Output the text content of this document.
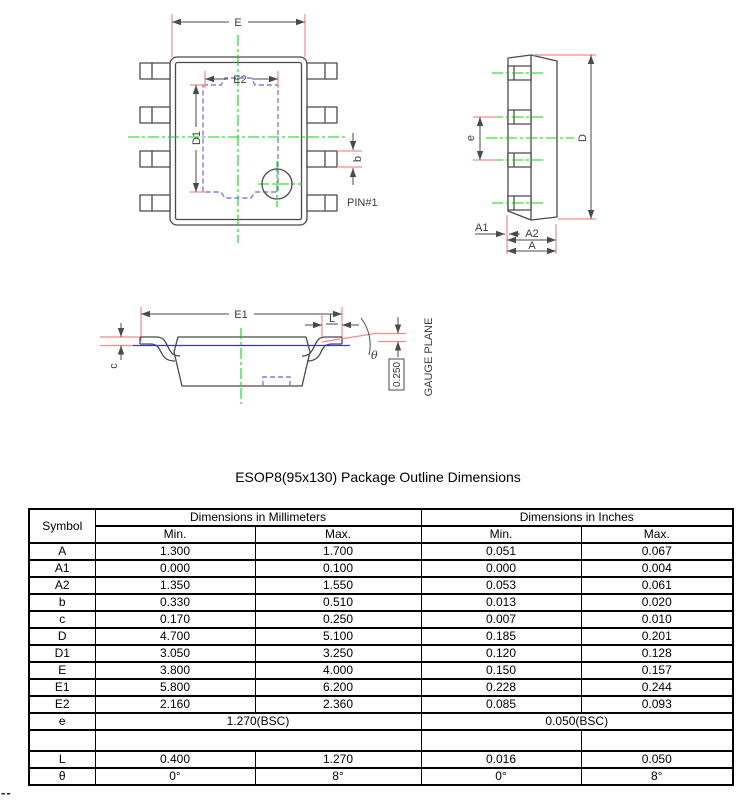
E
E2
D1
b
PIN#1
D
e
A1	A2
A
E1
c
L
θ
0.250 GAUGE PLANE
ESOP8(95x130) Package Outline Dimensions
Symbol	Dimensions in Millimeters		Dimensions in Inches	
	Min.	Max.	Min.	Max.
A	1.300	1.700	0.051	0.067
A1	0.000	0.100	0.000	0.004
A2	1.350	1.550	0.053	0.061
b	0.330	0.510	0.013	0.020
c	0.170	0.250	0.007	0.010
D	4.700	5.100	0.185	0.201
D1	3.050	3.250	0.120	0.128
E	3.800	4.000	0.150	0.157
E1	5.800	6.200	0.228	0.244
E2	2.160	2.360	0.085	0.093
e	1.270(BSC)		0.050(BSC)	

L	0.400	1.270	0.016	0.050
θ	0°	8°	0°	8°
--
